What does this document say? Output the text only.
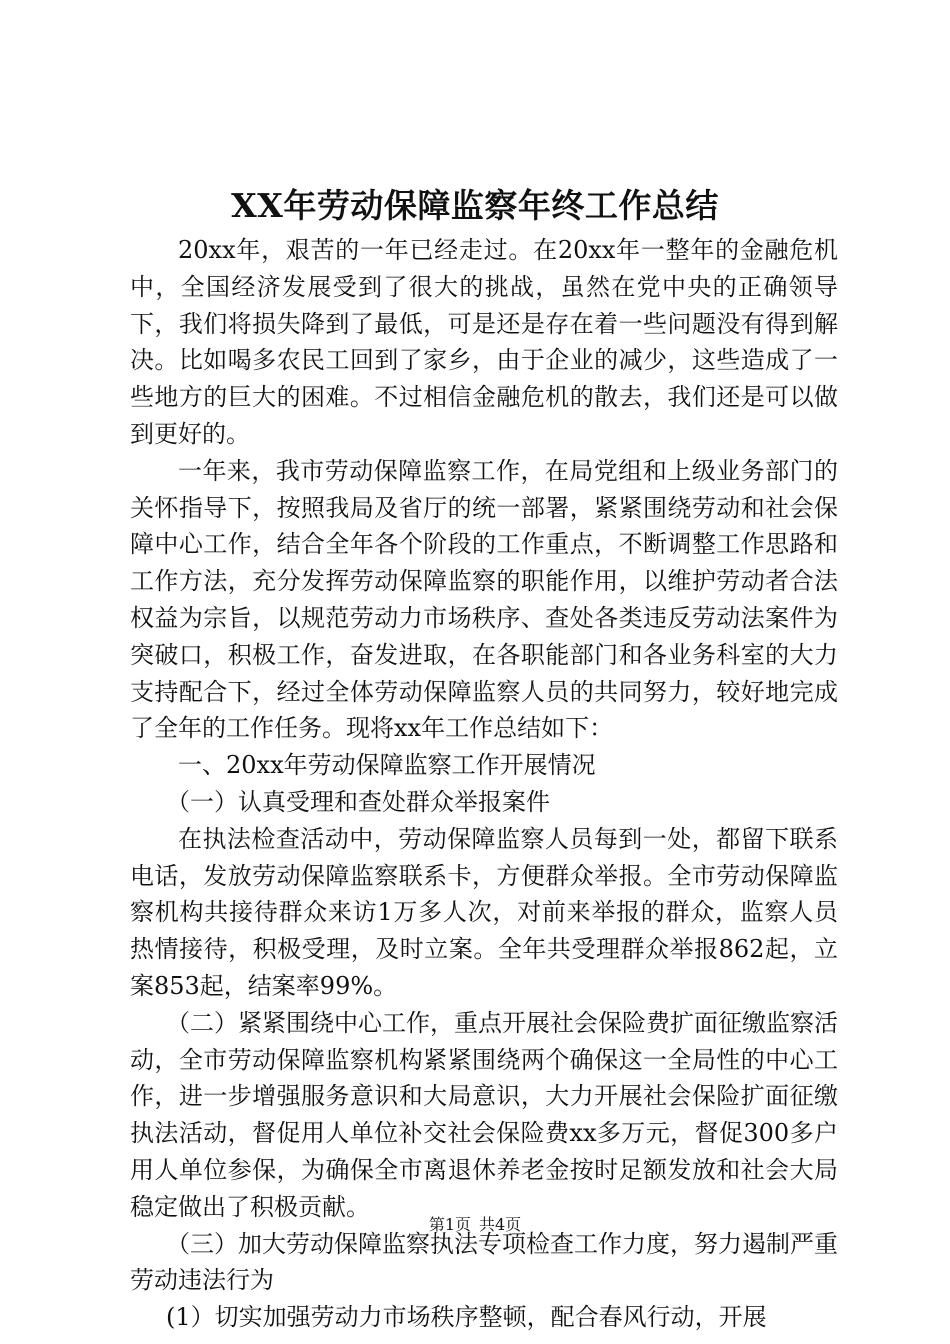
XX年劳动保障监察年终工作总结

20xx年，艰苦的一年已经走过。在20xx年一整年的金融危机中，全国经济发展受到了很大的挑战，虽然在党中央的正确领导下，我们将损失降到了最低，可是还是存在着一些问题没有得到解决。比如喝多农民工回到了家乡，由于企业的减少，这些造成了一些地方的巨大的困难。不过相信金融危机的散去，我们还是可以做到更好的。

一年来，我市劳动保障监察工作，在局党组和上级业务部门的关怀指导下，按照我局及省厅的统一部署，紧紧围绕劳动和社会保障中心工作，结合全年各个阶段的工作重点，不断调整工作思路和工作方法，充分发挥劳动保障监察的职能作用，以维护劳动者合法权益为宗旨，以规范劳动力市场秩序、查处各类违反劳动法案件为突破口，积极工作，奋发进取，在各职能部门和各业务科室的大力支持配合下，经过全体劳动保障监察人员的共同努力，较好地完成了全年的工作任务。现将xx年工作总结如下：

一、20xx年劳动保障监察工作开展情况

（一）认真受理和查处群众举报案件

在执法检查活动中，劳动保障监察人员每到一处，都留下联系电话，发放劳动保障监察联系卡，方便群众举报。全市劳动保障监察机构共接待群众来访1万多人次，对前来举报的群众，监察人员热情接待，积极受理，及时立案。全年共受理群众举报862起，立案853起，结案率99%。

（二）紧紧围绕中心工作，重点开展社会保险费扩面征缴监察活动，全市劳动保障监察机构紧紧围绕两个确保这一全局性的中心工作，进一步增强服务意识和大局意识，大力开展社会保险扩面征缴执法活动，督促用人单位补交社会保险费xx多万元，督促300多户用人单位参保，为确保全市离退休养老金按时足额发放和社会大局稳定做出了积极贡献。

（三）加大劳动保障监察执法专项检查工作力度，努力遏制严重劳动违法行为

(1）切实加强劳动力市场秩序整顿，配合春风行动，开展

第1页 共4页
